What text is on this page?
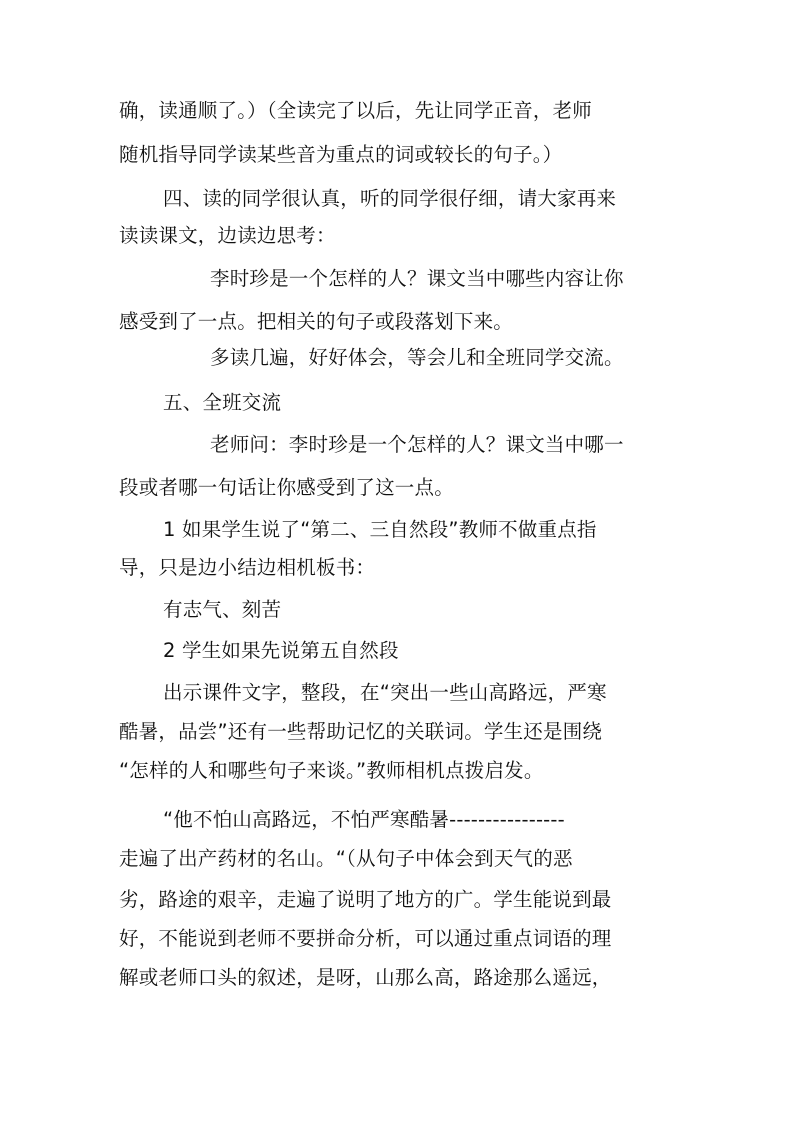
确，读通顺了。）（全读完了以后，先让同学正音，老师
随机指导同学读某些音为重点的词或较长的句子。）
四、读的同学很认真，听的同学很仔细，请大家再来
读读课文，边读边思考：
李时珍是一个怎样的人？课文当中哪些内容让你
感受到了一点。把相关的句子或段落划下来。
多读几遍，好好体会，等会儿和全班同学交流。
五、全班交流
老师问：李时珍是一个怎样的人？课文当中哪一
段或者哪一句话让你感受到了这一点。
1 如果学生说了“第二、三自然段”教师不做重点指
导，只是边小结边相机板书：
有志气、刻苦
2 学生如果先说第五自然段
出示课件文字，整段，在“突出一些山高路远，严寒
酷暑，品尝”还有一些帮助记忆的关联词。学生还是围绕
“怎样的人和哪些句子来谈。”教师相机点拨启发。
“他不怕山高路远，不怕严寒酷暑----------------
走遍了出产药材的名山。“（从句子中体会到天气的恶
劣，路途的艰辛，走遍了说明了地方的广。学生能说到最
好，不能说到老师不要拼命分析，可以通过重点词语的理
解或老师口头的叙述，是呀，山那么高，路途那么遥远，
